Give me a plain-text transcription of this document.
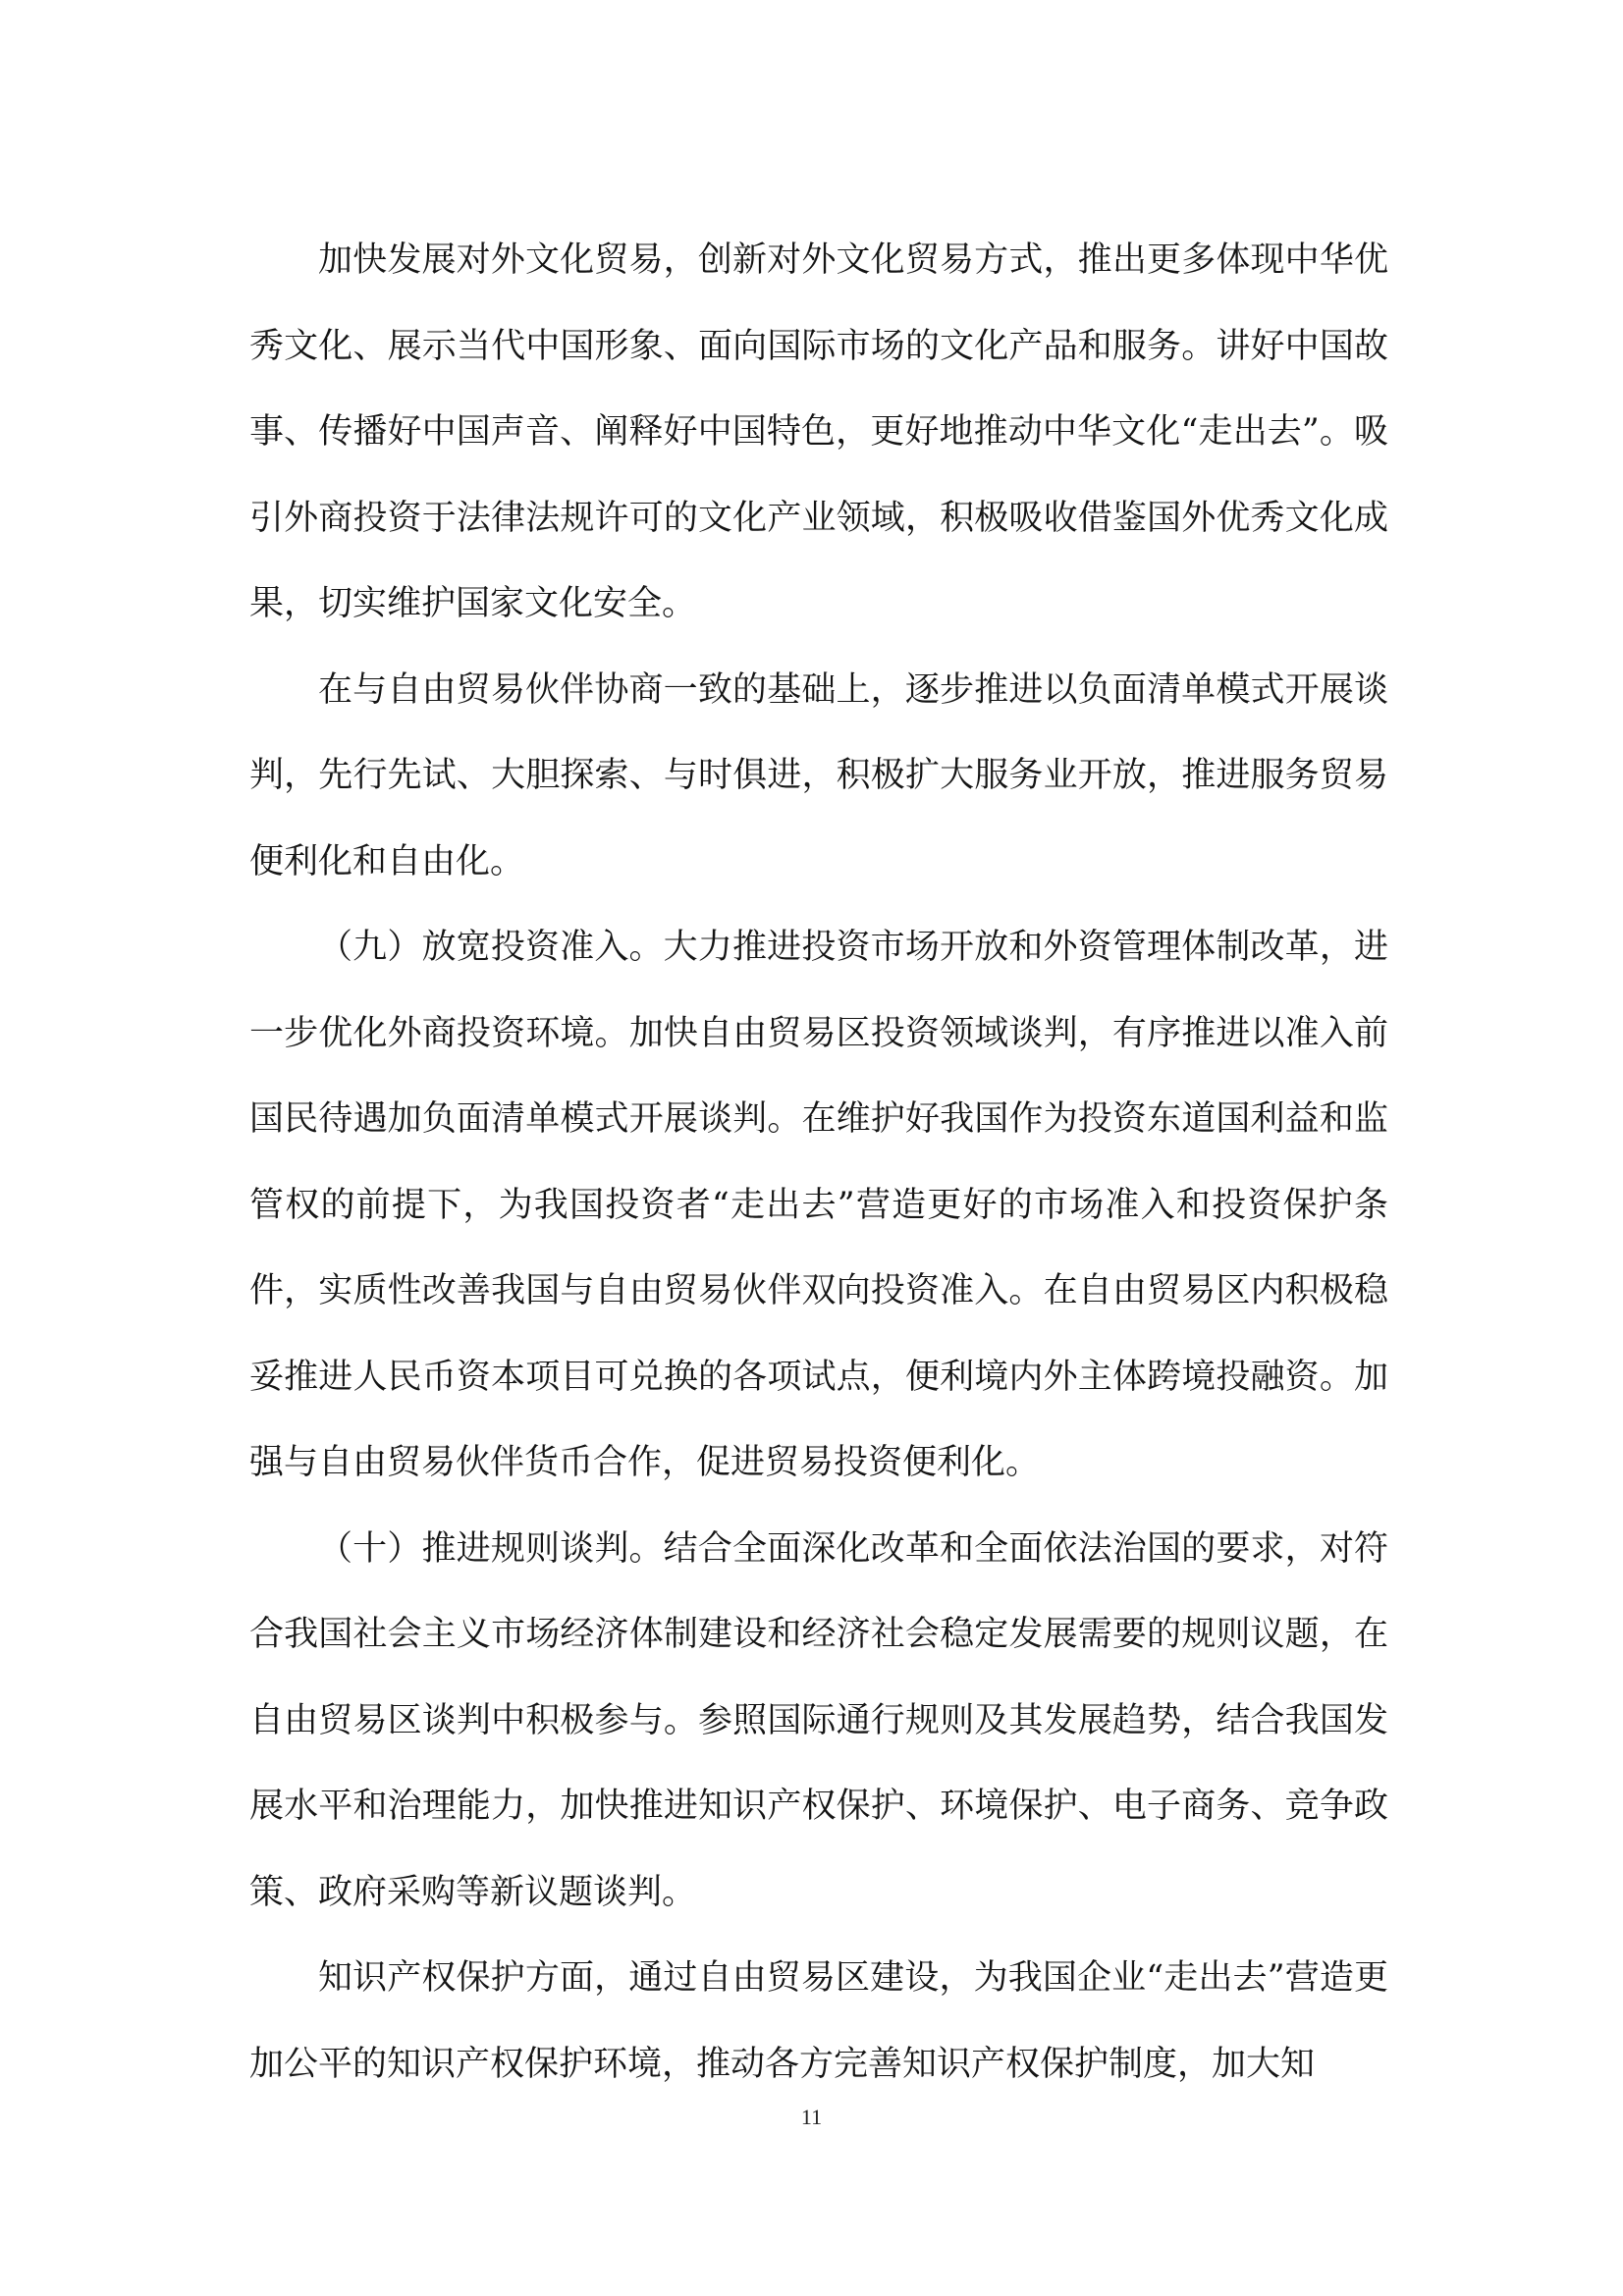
加快发展对外文化贸易，创新对外文化贸易方式，推出更多体现中华优秀文化、展示当代中国形象、面向国际市场的文化产品和服务。讲好中国故事、传播好中国声音、阐释好中国特色，更好地推动中华文化“走出去”。吸引外商投资于法律法规许可的文化产业领域，积极吸收借鉴国外优秀文化成果，切实维护国家文化安全。

在与自由贸易伙伴协商一致的基础上，逐步推进以负面清单模式开展谈判，先行先试、大胆探索、与时俱进，积极扩大服务业开放，推进服务贸易便利化和自由化。

（九）放宽投资准入。大力推进投资市场开放和外资管理体制改革，进一步优化外商投资环境。加快自由贸易区投资领域谈判，有序推进以准入前国民待遇加负面清单模式开展谈判。在维护好我国作为投资东道国利益和监管权的前提下，为我国投资者“走出去”营造更好的市场准入和投资保护条件，实质性改善我国与自由贸易伙伴双向投资准入。在自由贸易区内积极稳妥推进人民币资本项目可兑换的各项试点，便利境内外主体跨境投融资。加强与自由贸易伙伴货币合作，促进贸易投资便利化。

（十）推进规则谈判。结合全面深化改革和全面依法治国的要求，对符合我国社会主义市场经济体制建设和经济社会稳定发展需要的规则议题，在自由贸易区谈判中积极参与。参照国际通行规则及其发展趋势，结合我国发展水平和治理能力，加快推进知识产权保护、环境保护、电子商务、竞争政策、政府采购等新议题谈判。

知识产权保护方面，通过自由贸易区建设，为我国企业“走出去”营造更加公平的知识产权保护环境，推动各方完善知识产权保护制度，加大知

11
